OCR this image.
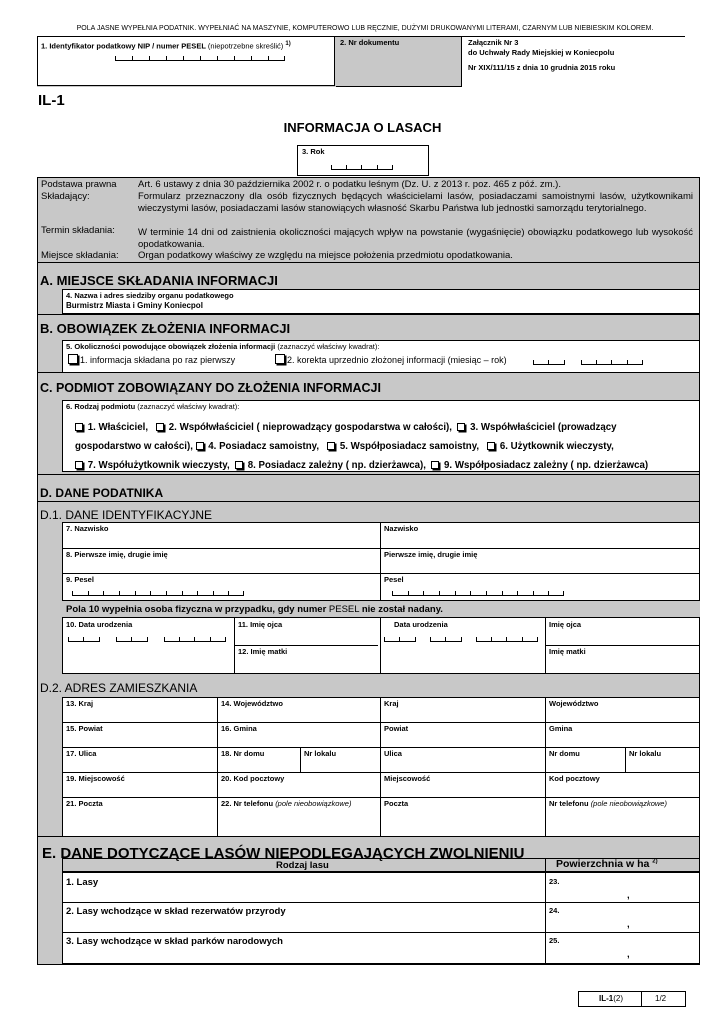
POLA JASNE WYPEŁNIA PODATNIK. WYPEŁNIAĆ NA MASZYNIE, KOMPUTEROWO LUB RĘCZNIE, DUŻYMI DRUKOWANYMI LITERAMI, CZARNYM LUB NIEBIESKIM KOLOREM.
1. Identyfikator podatkowy NIP / numer PESEL (niepotrzebne skreślić) $^{1)}$	2. Nr dokumentu	Załącznik Nr 3
do Uchwały Rady Miejskiej w Koniecpolu
Nr XIX/111/15 z dnia 10 grudnia 2015 roku
IL-1
INFORMACJA O LASACH
3. Rok
Podstawa prawna Art. 6 ustawy z dnia 30 października 2002 r. o podatku leśnym (Dz. U. z 2013 r. poz. 465 z póź. zm.).
Składający:	Formularz przeznaczony dla osób fizycznych będących właścicielami lasów, posiadaczami samoistnymi lasów, użytkownikami wieczystymi lasów, posiadaczami lasów stanowiących własność Skarbu Państwa lub jednostki samorządu terytorialnego.
Termin składania: W terminie 14 dni od zaistnienia okoliczności mających wpływ na powstanie (wygaśnięcie) obowiązku podatkowego lub wysokość opodatkowania.
Miejsce składania: Organ podatkowy właściwy ze względu na miejsce położenia przedmiotu opodatkowania.
A. MIEJSCE SKŁADANIA INFORMACJI
4. Nazwa i adres siedziby organu podatkowego
Burmistrz Miasta i Gminy Koniecpol
B. OBOWIĄZEK ZŁOŻENIA INFORMACJI
5. Okoliczności powodujące obowiązek złożenia informacji (zaznaczyć właściwy kwadrat):
1. informacja składana po raz pierwszy	2. korekta uprzednio złożonej informacji (miesiąc – rok)
C. PODMIOT ZOBOWIĄZANY DO ZŁOŻENIA INFORMACJI
6. Rodzaj podmiotu (zaznaczyć właściwy kwadrat):
1. Właściciel, 2. Współwłaściciel ( nieprowadzący gospodarstwa w całości), 3. Współwłaściciel (prowadzący
gospodarstwo w całości), 4. Posiadacz samoistny, 5. Współposiadacz samoistny, 6. Użytkownik wieczysty,
7. Współużytkownik wieczysty, 8. Posiadacz zależny ( np. dzierżawca), 9. Współposiadacz zależny ( np. dzierżawca)
D. DANE PODATNIKA
D.1. DANE IDENTYFIKACYJNE
7. Nazwisko	Nazwisko
8. Pierwsze imię, drugie imię	Pierwsze imię, drugie imię
9. Pesel	Pesel
Pola 10 wypełnia osoba fizyczna w przypadku, gdy numer PESEL nie został nadany.
10. Data urodzenia	11. Imię ojca	Data urodzenia	Imię ojca
12. Imię matki	Imię matki
D.2. ADRES ZAMIESZKANIA
13. Kraj	14. Województwo	Kraj	Województwo
15. Powiat	16. Gmina	Powiat	Gmina
17. Ulica	18. Nr domu	Nr lokalu	Ulica	Nr domu	Nr lokalu
19. Miejscowość	20. Kod pocztowy	Miejscowość	Kod pocztowy
21. Poczta	22. Nr telefonu (pole nieobowiązkowe)	Poczta	Nr telefonu (pole nieobowiązkowe)
E. DANE DOTYCZĄCE LASÓW NIEPODLEGAJĄCYCH ZWOLNIENIU
Rodzaj lasu	Powierzchnia w ha $^{2)}$
1. Lasy	23.
,
2. Lasy wchodzące w skład rezerwatów przyrody	24.
,
3. Lasy wchodzące w skład parków narodowych	25.
,
IL-1(2)	1/2
